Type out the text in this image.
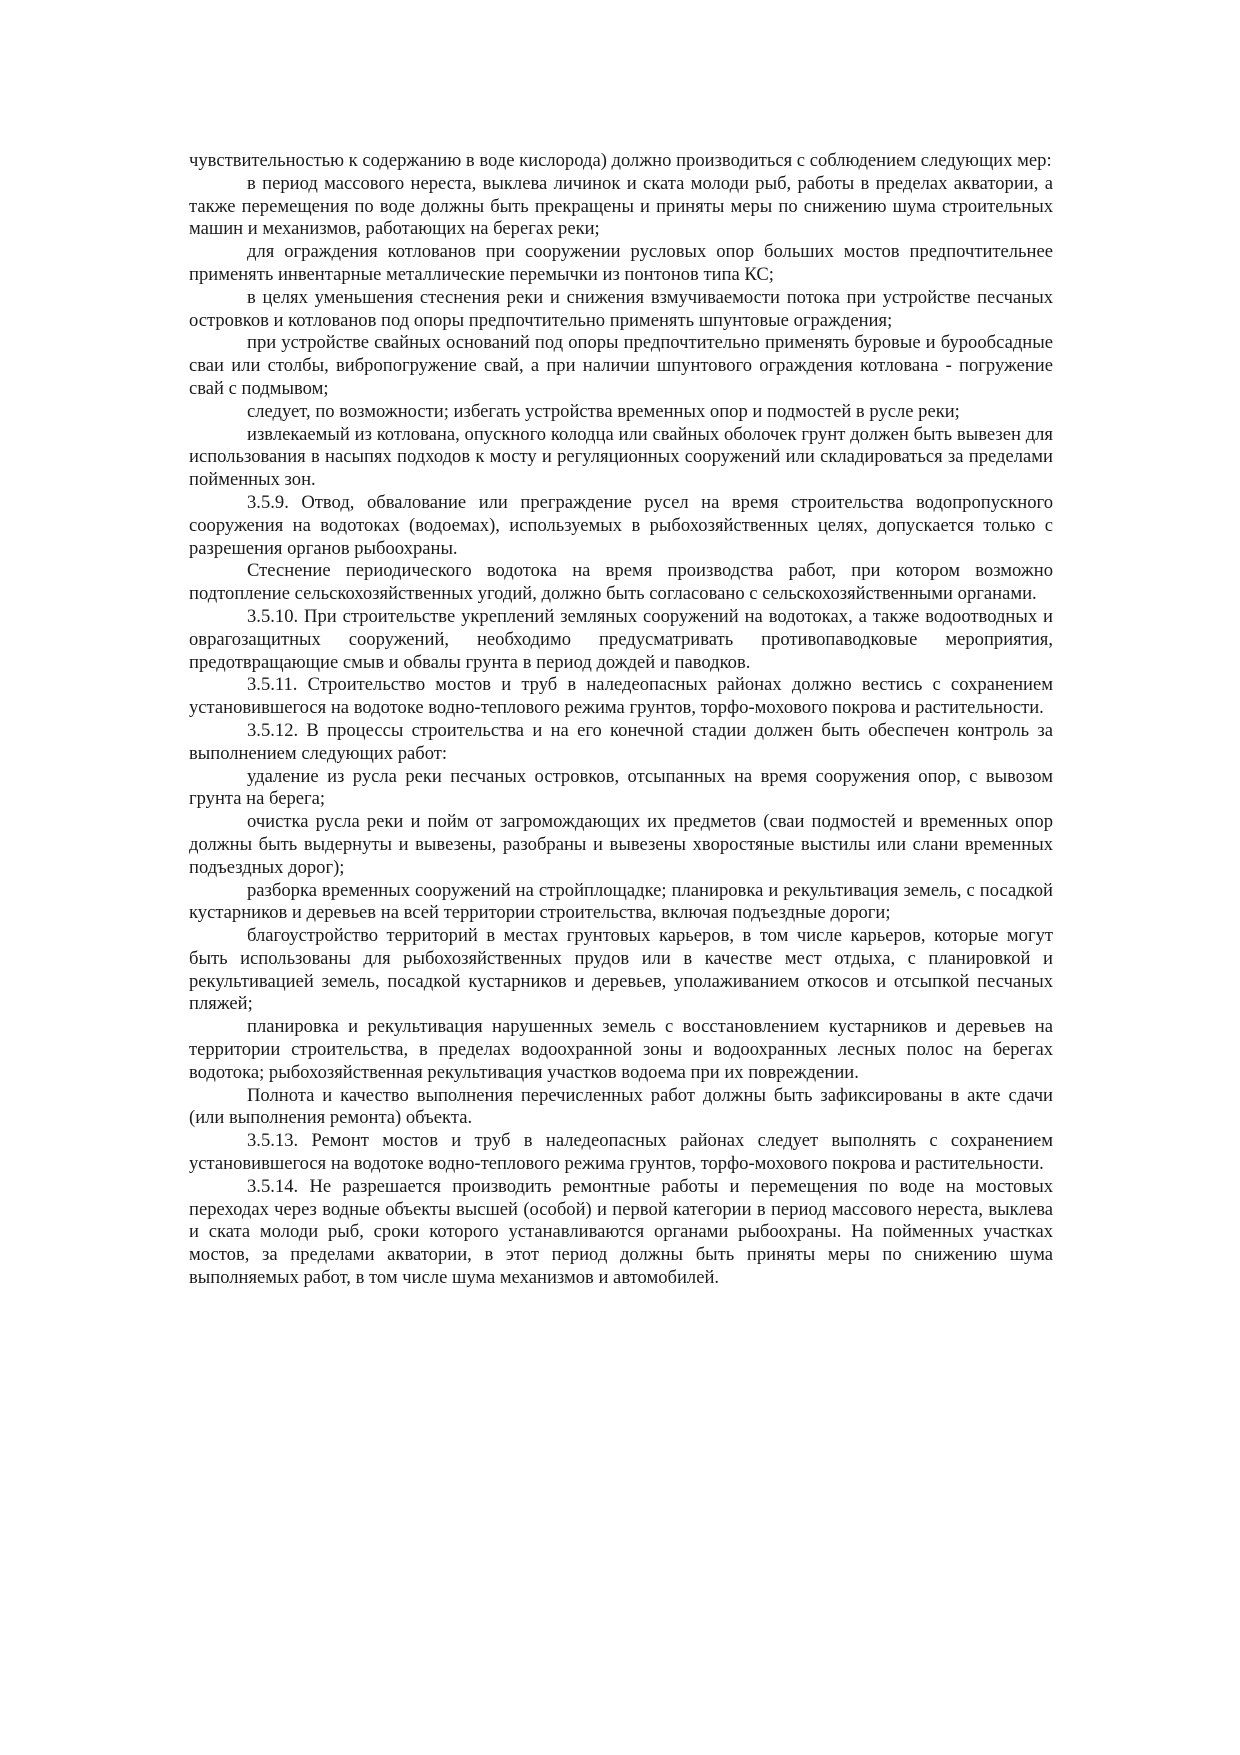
чувствительностью к содержанию в воде кислорода) должно производиться с соблюдением следующих мер:

в период массового нереста, выклева личинок и ската молоди рыб, работы в пределах акватории, а также перемещения по воде должны быть прекращены и приняты меры по снижению шума строительных машин и механизмов, работающих на берегах реки;

для ограждения котлованов при сооружении русловых опор больших мостов предпочтительнее применять инвентарные металлические перемычки из понтонов типа КС;

в целях уменьшения стеснения реки и снижения взмучиваемости потока при устройстве песчаных островков и котлованов под опоры предпочтительно применять шпунтовые ограждения;

при устройстве свайных оснований под опоры предпочтительно применять буровые и бурообсадные сваи или столбы, вибропогружение свай, а при наличии шпунтового ограждения котлована - погружение свай с подмывом;

следует, по возможности; избегать устройства временных опор и подмостей в русле реки;

извлекаемый из котлована, опускного колодца или свайных оболочек грунт должен быть вывезен для использования в насыпях подходов к мосту и регуляционных сооружений или складироваться за пределами пойменных зон.

3.5.9. Отвод, обвалование или преграждение русел на время строительства водопропускного сооружения на водотоках (водоемах), используемых в рыбохозяйственных целях, допускается только с разрешения органов рыбоохраны.

Стеснение периодического водотока на время производства работ, при котором возможно подтопление сельскохозяйственных угодий, должно быть согласовано с сельскохозяйственными органами.

3.5.10. При строительстве укреплений земляных сооружений на водотоках, а также водоотводных и оврагозащитных сооружений, необходимо предусматривать противопаводковые мероприятия, предотвращающие смыв и обвалы грунта в период дождей и паводков.

3.5.11. Строительство мостов и труб в наледеопасных районах должно вестись с сохранением установившегося на водотоке водно-теплового режима грунтов, торфо-мохового покрова и растительности.

3.5.12. В процессы строительства и на его конечной стадии должен быть обеспечен контроль за выполнением следующих работ:

удаление из русла реки песчаных островков, отсыпанных на время сооружения опор, с вывозом грунта на берега;

очистка русла реки и пойм от загромождающих их предметов (сваи подмостей и временных опор должны быть выдернуты и вывезены, разобраны и вывезены хворостяные выстилы или слани временных подъездных дорог);

разборка временных сооружений на стройплощадке; планировка и рекультивация земель, с посадкой кустарников и деревьев на всей территории строительства, включая подъездные дороги;

благоустройство территорий в местах грунтовых карьеров, в том числе карьеров, которые могут быть использованы для рыбохозяйственных прудов или в качестве мест отдыха, с планировкой и рекультивацией земель, посадкой кустарников и деревьев, уполаживанием откосов и отсыпкой песчаных пляжей;

планировка и рекультивация нарушенных земель с восстановлением кустарников и деревьев на территории строительства, в пределах водоохранной зоны и водоохранных лесных полос на берегах водотока; рыбохозяйственная рекультивация участков водоема при их повреждении.

Полнота и качество выполнения перечисленных работ должны быть зафиксированы в акте сдачи (или выполнения ремонта) объекта.

3.5.13. Ремонт мостов и труб в наледеопасных районах следует выполнять с сохранением установившегося на водотоке водно-теплового режима грунтов, торфо-мохового покрова и растительности.

3.5.14. Не разрешается производить ремонтные работы и перемещения по воде на мостовых переходах через водные объекты высшей (особой) и первой категории в период массового нереста, выклева и ската молоди рыб, сроки которого устанавливаются органами рыбоохраны. На пойменных участках мостов, за пределами акватории, в этот период должны быть приняты меры по снижению шума выполняемых работ, в том числе шума механизмов и автомобилей.
